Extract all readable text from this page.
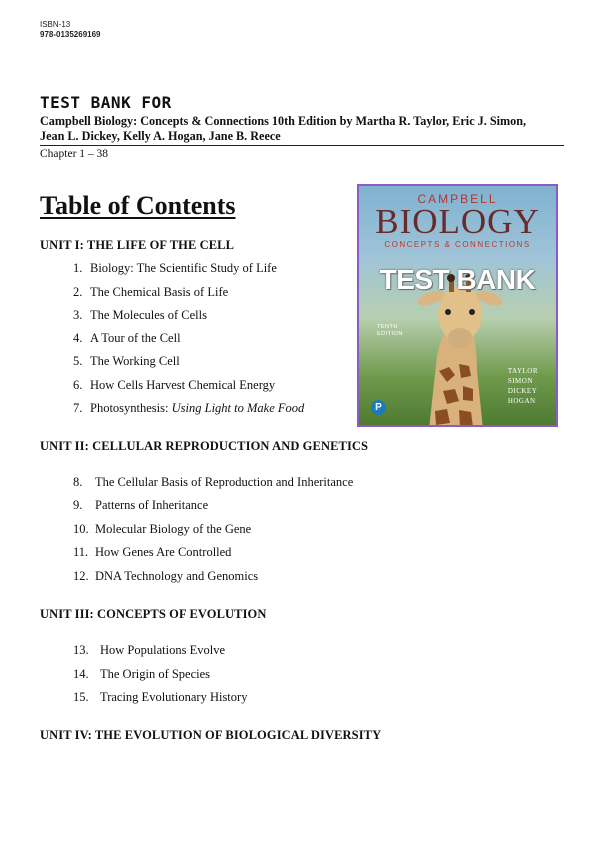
ISBN-13
978-0135269169
TEST BANK FOR
Campbell Biology: Concepts & Connections 10th Edition by Martha R. Taylor, Eric J. Simon,
Jean L. Dickey, Kelly A. Hogan, Jane B. Reece
Chapter 1 – 38
Table of Contents
UNIT I: THE LIFE OF THE CELL
1. Biology: The Scientific Study of Life
2. The Chemical Basis of Life
3. The Molecules of Cells
4. A Tour of the Cell
5. The Working Cell
6. How Cells Harvest Chemical Energy
7. Photosynthesis: Using Light to Make Food
UNIT II: CELLULAR REPRODUCTION AND GENETICS
8. The Cellular Basis of Reproduction and Inheritance
9. Patterns of Inheritance
10. Molecular Biology of the Gene
11. How Genes Are Controlled
12. DNA Technology and Genomics
UNIT III: CONCEPTS OF EVOLUTION
13. How Populations Evolve
14. The Origin of Species
15. Tracing Evolutionary History
UNIT IV: THE EVOLUTION OF BIOLOGICAL DIVERSITY
CAMPBELL
BIOLOGY
CONCEPTS & CONNECTIONS
TEST BANK
TENTH
EDITION
TAYLOR
SIMON
DICKEY
HOGAN
P
